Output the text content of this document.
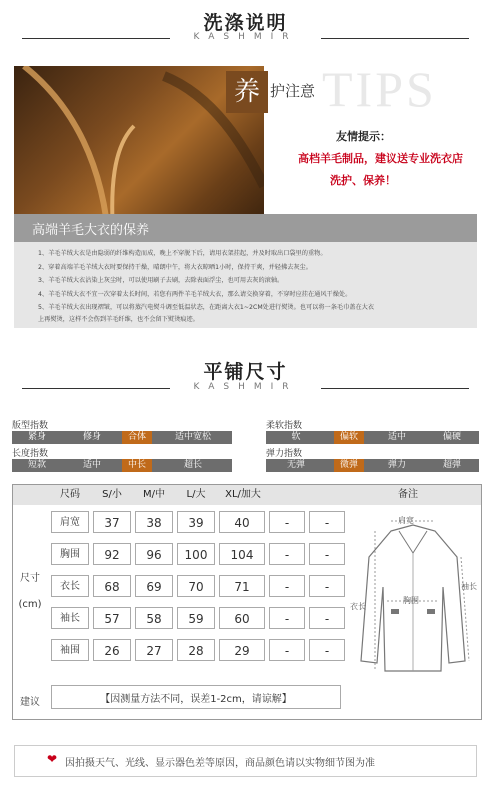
洗涤说明
KASHMIR
TIPS
养 护注意
友情提示：
高档羊毛制品，建议送专业洗衣店
洗护、保养！
高端羊毛大衣的保养
1、羊毛羊绒大衣是由隐弱的纤维构造而成，晚上不穿脱下后，请用衣架挂起，并及时取出口袋里的重物。
2、穿着高端羊毛羊绒大衣时要保持干燥，晴朗中午，将大衣晾晒1小时，保持干爽，并轻拂去灰尘。
3、羊毛羊绒大衣沾染上灰尘时，可以使用刷子去刷，去除表面浮尘，也可用去灰的滚轴。
4、羊毛羊绒大衣不宜一次穿着太长时间，若您有两件羊毛羊绒大衣，那么请交换穿着，不穿时应挂在通风干燥处。
5、羊毛羊绒大衣出现褶皱，可以将蒸汽电熨斗调至低温状态，在距离大衣1~2CM处进行熨烫。也可以将一条毛巾盖在大衣
上再熨烫，这样不会伤到羊毛纤维，也不会留下熨烫痕迹。
平铺尺寸
KASHMIR
版型指数
紧身	修身	合体	适中宽松
长度指数
短款	适中	中长	超长
柔软指数
软	偏软	适中	偏硬
弹力指数
无弹	微弹	弹力	超弹
尺码	S/小	M/中	L/大	XL/加大	备注
尺寸
(cm)
肩宽	37	38	39	40	-	-
胸围	92	96	100	104	-	-
衣长	68	69	70	71	-	-
袖长	57	58	59	60	-	-
袖围	26	27	28	29	-	-
建议	【因测量方法不同，误差1-2cm，请谅解】
肩宽
胸围
衣长
袖长
❤ 因拍摄天气、光线、显示器色差等原因，商品颜色请以实物细节图为准
